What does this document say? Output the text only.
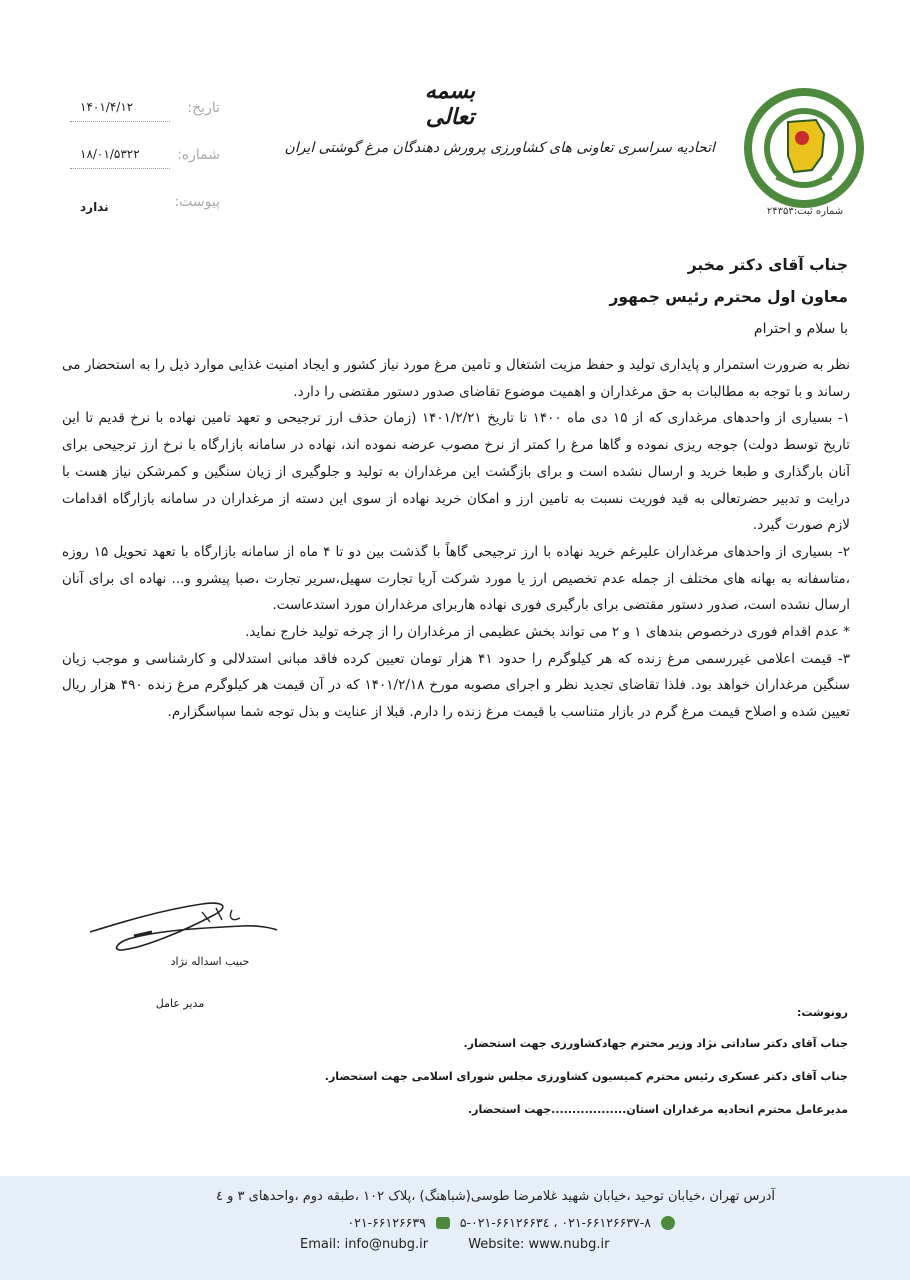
شماره ثبت:۲۴۳۵۳
بسمه تعالی
اتحادیه سراسری تعاونی های کشاورزی پرورش دهندگان مرغ گوشتی ایران
تاریخ:
۱۴۰۱/۴/۱۲
شماره:
۱۸/۰۱/۵۳۲۲
پیوست:
ندارد
جناب آقای دکتر مخبر
معاون اول محترم رئیس جمهور
با سلام و احترام

نظر به ضرورت استمرار و پایداری تولید و حفظ مزیت اشتغال و تامین مرغ مورد نیاز کشور و ایجاد امنیت غذایی موارد ذیل را به استحضار می رساند و با توجه به مطالبات به حق مرغداران و اهمیت موضوع تقاضای صدور دستور مقتضی را دارد.

۱- بسیاری از واحدهای مرغداری که از ۱۵ دی ماه ۱۴۰۰ تا تاریخ ۱۴۰۱/۲/۲۱ (زمان حذف ارز ترجیحی و تعهد تامین نهاده با نرخ قدیم تا این تاریخ توسط دولت) جوجه ریزی نموده و گاها مرغ را کمتر از نرخ مصوب عرضه نموده اند، نهاده در سامانه بازارگاه با نرخ ارز ترجیحی برای آنان بارگذاری و طبعا خرید و ارسال نشده است و برای بازگشت این مرغداران به تولید و جلوگیری از زیان سنگین و کمرشکن نیاز هست با درایت و تدبیر حضرتعالی به قید فوریت نسبت به تامین ارز و امکان خرید نهاده از سوی این دسته از مرغداران در سامانه بازارگاه اقدامات لازم صورت گیرد.

۲- بسیاری از واحدهای مرغداران علیرغم خرید نهاده با ارز ترجیحی گاهاً با گذشت بین دو تا ۴ ماه از سامانه بازارگاه با تعهد تحویل ۱۵ روزه ،متاسفانه به بهانه های مختلف از جمله عدم تخصیص ارز یا مورد شرکت آریا تجارت سهیل،سریر تجارت ،صبا پیشرو و... نهاده ای برای آنان ارسال نشده است، صدور دستور مقتضی برای بارگیری فوری نهاده هاربرای مرغداران مورد استدعاست.

* عدم اقدام فوری درخصوص بندهای ۱ و ۲ می تواند بخش عظیمی از مرغداران را از چرخه تولید خارج نماید.

۳- قیمت اعلامی غیررسمی مرغ زنده که هر کیلوگرم را حدود ۴۱ هزار تومان تعیین کرده فاقد مبانی استدلالی و کارشناسی و موجب زیان سنگین مرغداران خواهد بود. فلذا تقاضای تجدید نظر و اجرای مصوبه مورخ ۱۴۰۱/۲/۱۸ که در آن قیمت هر کیلوگرم مرغ زنده ۴۹۰ هزار ریال تعیین شده و اصلاح قیمت مرغ گرم در بازار متناسب با قیمت مرغ زنده را دارم. قبلا از عنایت و بذل توجه شما سپاسگزارم.

حبیب اسداله نژاد
مدیر عامل
رونوشت:
جناب آقای دکتر ساداتی نژاد وزیر محترم جهادکشاورزی جهت استحضار.
جناب آقای دکتر عسکری رئیس محترم کمیسیون کشاورزی مجلس شورای اسلامی جهت استحضار.
مدیرعامل محترم اتحادیه مرغداران استان..................جهت استحضار.
آدرس تهران ،خیابان توحید ،خیابان شهید غلامرضا طوسی(شباهنگ) ،پلاک ۱۰۲ ،طبقه دوم ،واحدهای ۳ و ٤
۰۲۱-۶۶۱۲۶۶۳۷-۸ ، ۰۲۱-۶۶۱۲۶۶۳٤-۵
۰۲۱-۶۶۱۲۶۶۳۹
Email: info@nubg.ir	Website: www.nubg.ir
